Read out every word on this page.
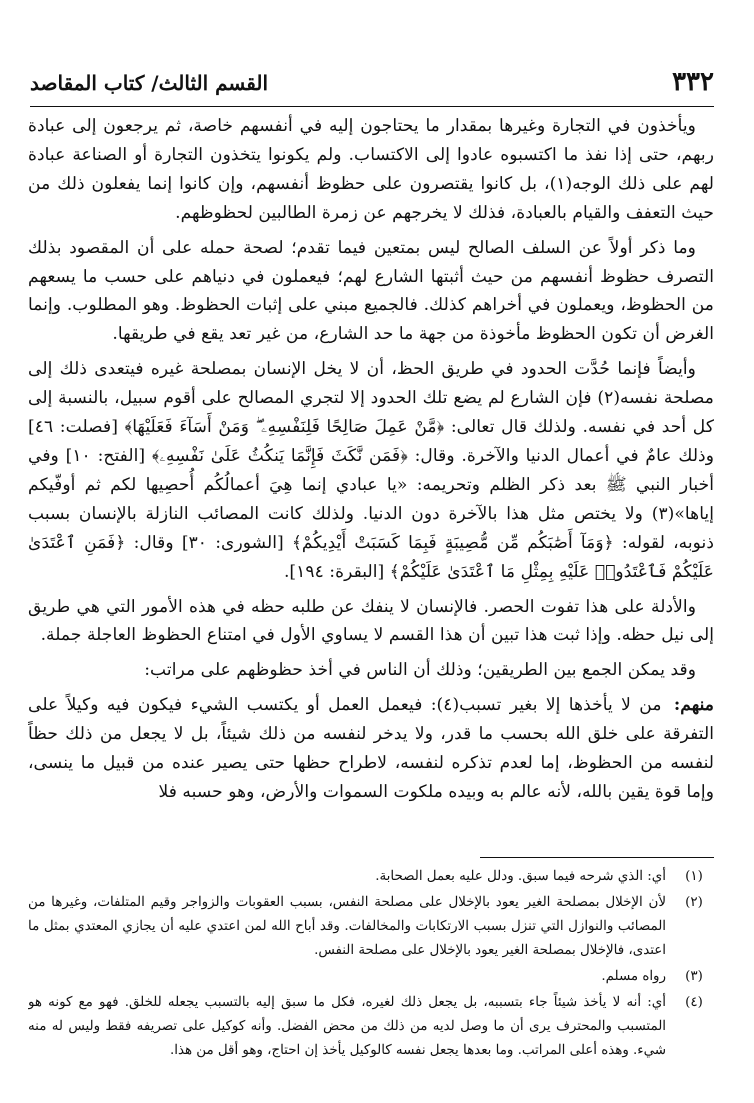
٣٣٢
القسم الثالث/ كتاب المقاصد

ويأخذون في التجارة وغيرها بمقدار ما يحتاجون إليه في أنفسهم خاصة، ثم يرجعون إلى عبادة ربهم، حتى إذا نفذ ما اكتسبوه عادوا إلى الاكتساب. ولم يكونوا يتخذون التجارة أو الصناعة عبادة لهم على ذلك الوجه(١)، بل كانوا يقتصرون على حظوظ أنفسهم، وإن كانوا إنما يفعلون ذلك من حيث التعفف والقيام بالعبادة، فذلك لا يخرجهم عن زمرة الطالبين لحظوظهم.

وما ذكر أولاً عن السلف الصالح ليس بمتعين فيما تقدم؛ لصحة حمله على أن المقصود بذلك التصرف حظوظ أنفسهم من حيث أثبتها الشارع لهم؛ فيعملون في دنياهم على حسب ما يسعهم من الحظوظ، ويعملون في أخراهم كذلك. فالجميع مبني على إثبات الحظوظ. وهو المطلوب. وإنما الغرض أن تكون الحظوظ مأخوذة من جهة ما حد الشارع، من غير تعد يقع في طريقها.

وأيضاً فإنما حُدَّت الحدود في طريق الحظ، أن لا يخل الإنسان بمصلحة غيره فيتعدى ذلك إلى مصلحة نفسه(٢) فإن الشارع لم يضع تلك الحدود إلا لتجري المصالح على أقوم سبيل، بالنسبة إلى كل أحد في نفسه. ولذلك قال تعالى: ﴿مَّنْ عَمِلَ صَالِحًا فَلِنَفْسِهِۦ ۖ وَمَنْ أَسَآءَ فَعَلَيْهَا﴾ [فصلت: ٤٦] وذلك عامٌ في أعمال الدنيا والآخرة. وقال: ﴿فَمَن نَّكَثَ فَإِنَّمَا يَنكُثُ عَلَىٰ نَفْسِهِۦ﴾ [الفتح: ١٠] وفي أخبار النبي ﷺ بعد ذكر الظلم وتحريمه: «يا عبادي إنما هِيَ أعمالُكُم أُحصِيها لكم ثم أوفّيكم إياها»(٣) ولا يختص مثل هذا بالآخرة دون الدنيا. ولذلك كانت المصائب النازلة بالإنسان بسبب ذنوبه، لقوله: ﴿وَمَآ أَصَٰبَكُم مِّن مُّصِيبَةٍ فَبِمَا كَسَبَتْ أَيْدِيكُمْ﴾ [الشورى: ٣٠] وقال: ﴿فَمَنِ ٱعْتَدَىٰ عَلَيْكُمْ فَٱعْتَدُوا۟ عَلَيْهِ بِمِثْلِ مَا ٱعْتَدَىٰ عَلَيْكُمْ﴾ [البقرة: ١٩٤].

والأدلة على هذا تفوت الحصر. فالإنسان لا ينفك عن طلبه حظه في هذه الأمور التي هي طريق إلى نيل حظه. وإذا ثبت هذا تبين أن هذا القسم لا يساوي الأول في امتناع الحظوظ العاجلة جملة.

وقد يمكن الجمع بين الطريقين؛ وذلك أن الناس في أخذ حظوظهم على مراتب:

منهم: من لا يأخذها إلا بغير تسبب(٤): فيعمل العمل أو يكتسب الشيء فيكون فيه وكيلاً على التفرقة على خلق الله بحسب ما قدر، ولا يدخر لنفسه من ذلك شيئاً، بل لا يجعل من ذلك حظاً لنفسه من الحظوظ، إما لعدم تذكره لنفسه، لاطراح حظها حتى يصير عنده من قبيل ما ينسى، وإما قوة يقين بالله، لأنه عالم به وبيده ملكوت السموات والأرض، وهو حسبه فلا

(١)
أي: الذي شرحه فيما سبق. ودلل عليه بعمل الصحابة.

(٢)
لأن الإخلال بمصلحة الغير يعود بالإخلال على مصلحة النفس، بسبب العقوبات والزواجر وقيم المتلفات، وغيرها من المصائب والنوازل التي تنزل بسبب الارتكابات والمخالفات. وقد أباح الله لمن اعتدي عليه أن يجازي المعتدي بمثل ما اعتدى، فالإخلال بمصلحة الغير يعود بالإخلال على مصلحة النفس.

(٣)
رواه مسلم.

(٤)
أي: أنه لا يأخذ شيئاً جاء بتسببه، بل يجعل ذلك لغيره، فكل ما سبق إليه بالتسبب يجعله للخلق. فهو مع كونه هو المتسبب والمحترف يرى أن ما وصل لديه من ذلك من محض الفضل. وأنه كوكيل على تصريفه فقط وليس له منه شيء. وهذه أعلى المراتب. وما بعدها يجعل نفسه كالوكيل يأخذ إن احتاج، وهو أقل من هذا.
